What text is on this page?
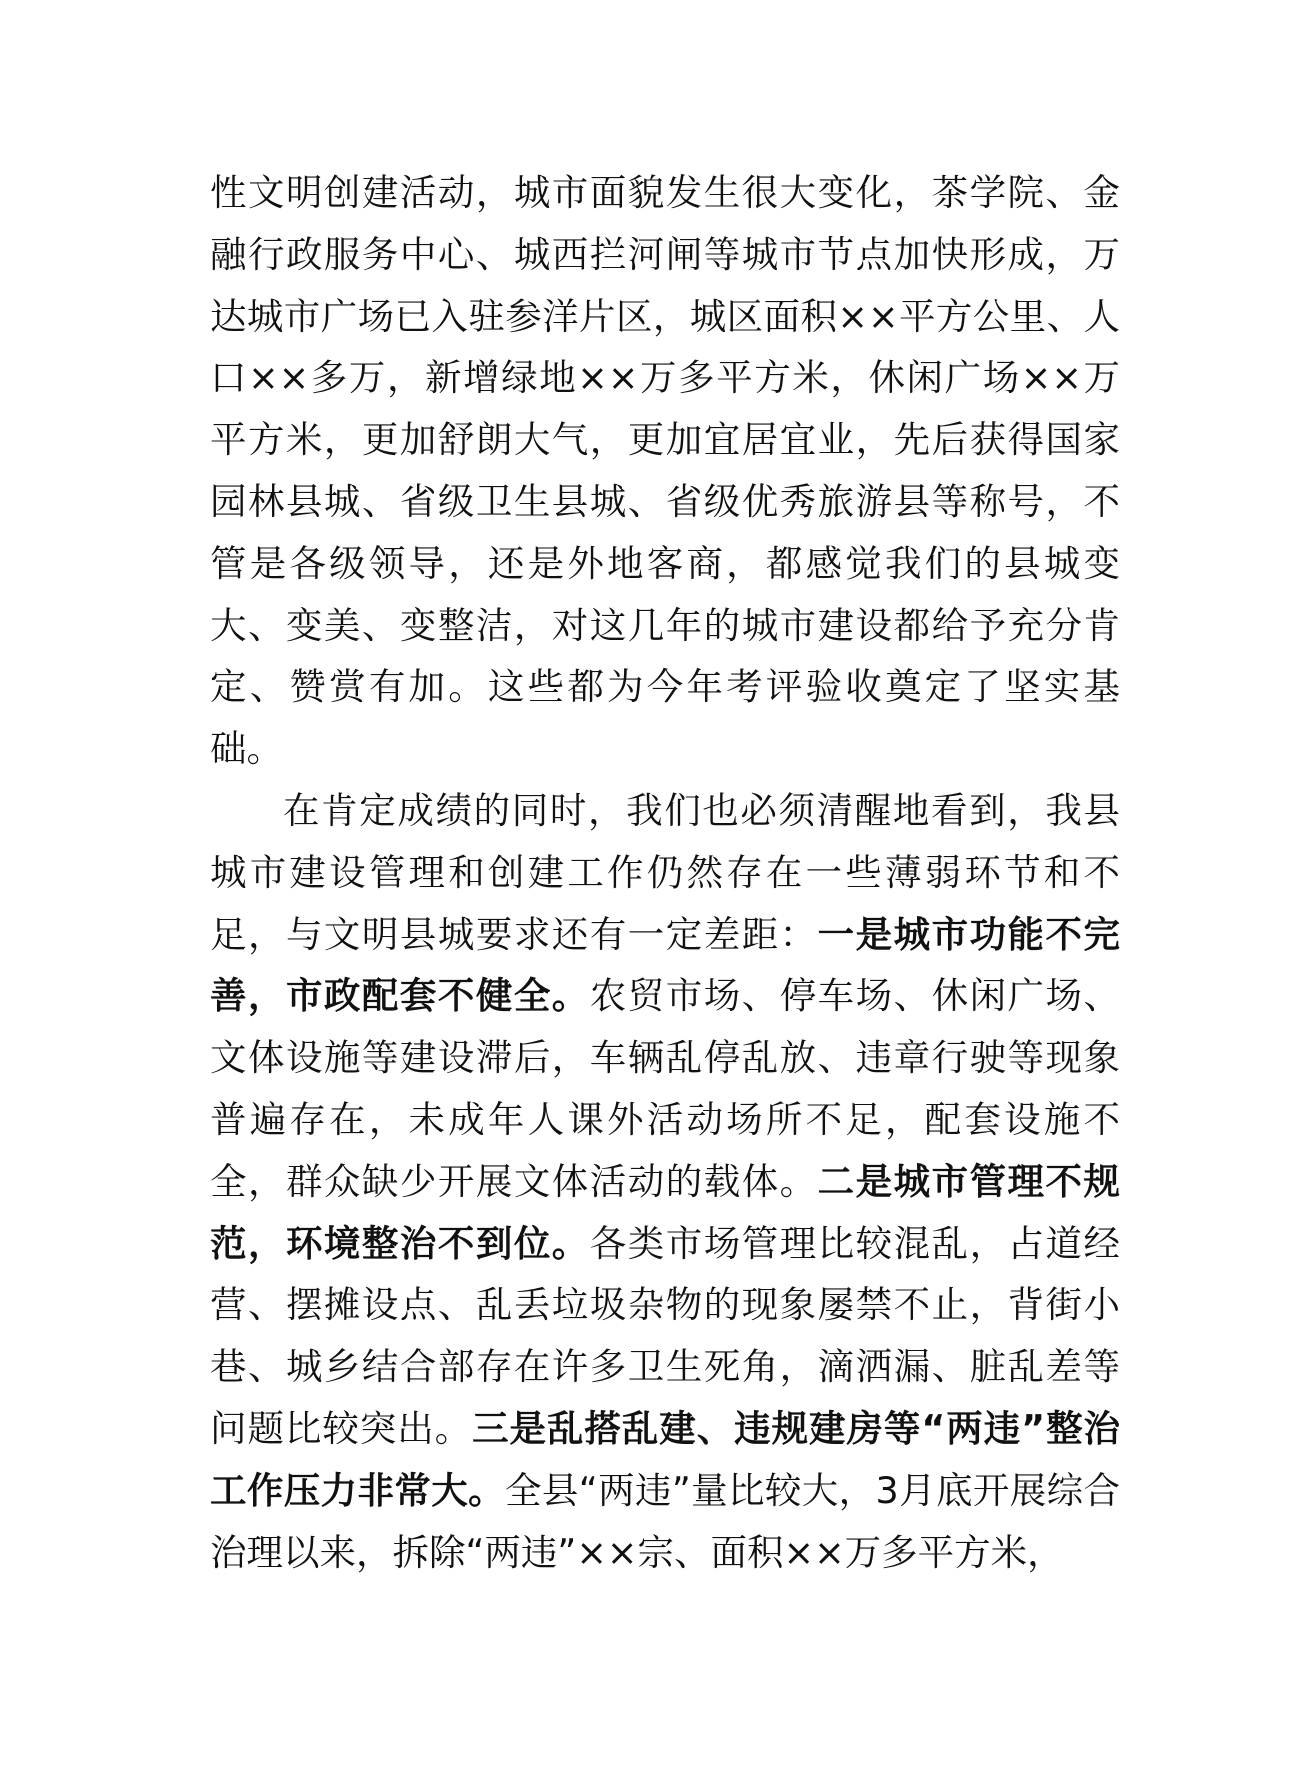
性文明创建活动，城市面貌发生很大变化，茶学院、金融行政服务中心、城西拦河闸等城市节点加快形成，万达城市广场已入驻参洋片区，城区面积××平方公里、人口××多万，新增绿地××万多平方米，休闲广场××万平方米，更加舒朗大气，更加宜居宜业，先后获得国家园林县城、省级卫生县城、省级优秀旅游县等称号，不管是各级领导，还是外地客商，都感觉我们的县城变大、变美、变整洁，对这几年的城市建设都给予充分肯定、赞赏有加。这些都为今年考评验收奠定了坚实基础。

在肯定成绩的同时，我们也必须清醒地看到，我县城市建设管理和创建工作仍然存在一些薄弱环节和不足，与文明县城要求还有一定差距：一是城市功能不完善，市政配套不健全。农贸市场、停车场、休闲广场、文体设施等建设滞后，车辆乱停乱放、违章行驶等现象普遍存在，未成年人课外活动场所不足，配套设施不全，群众缺少开展文体活动的载体。二是城市管理不规范，环境整治不到位。各类市场管理比较混乱，占道经营、摆摊设点、乱丢垃圾杂物的现象屡禁不止，背街小巷、城乡结合部存在许多卫生死角，滴洒漏、脏乱差等问题比较突出。三是乱搭乱建、违规建房等“两违”整治工作压力非常大。全县“两违”量比较大，3月底开展综合治理以来，拆除“两违”××宗、面积××万多平方米，
